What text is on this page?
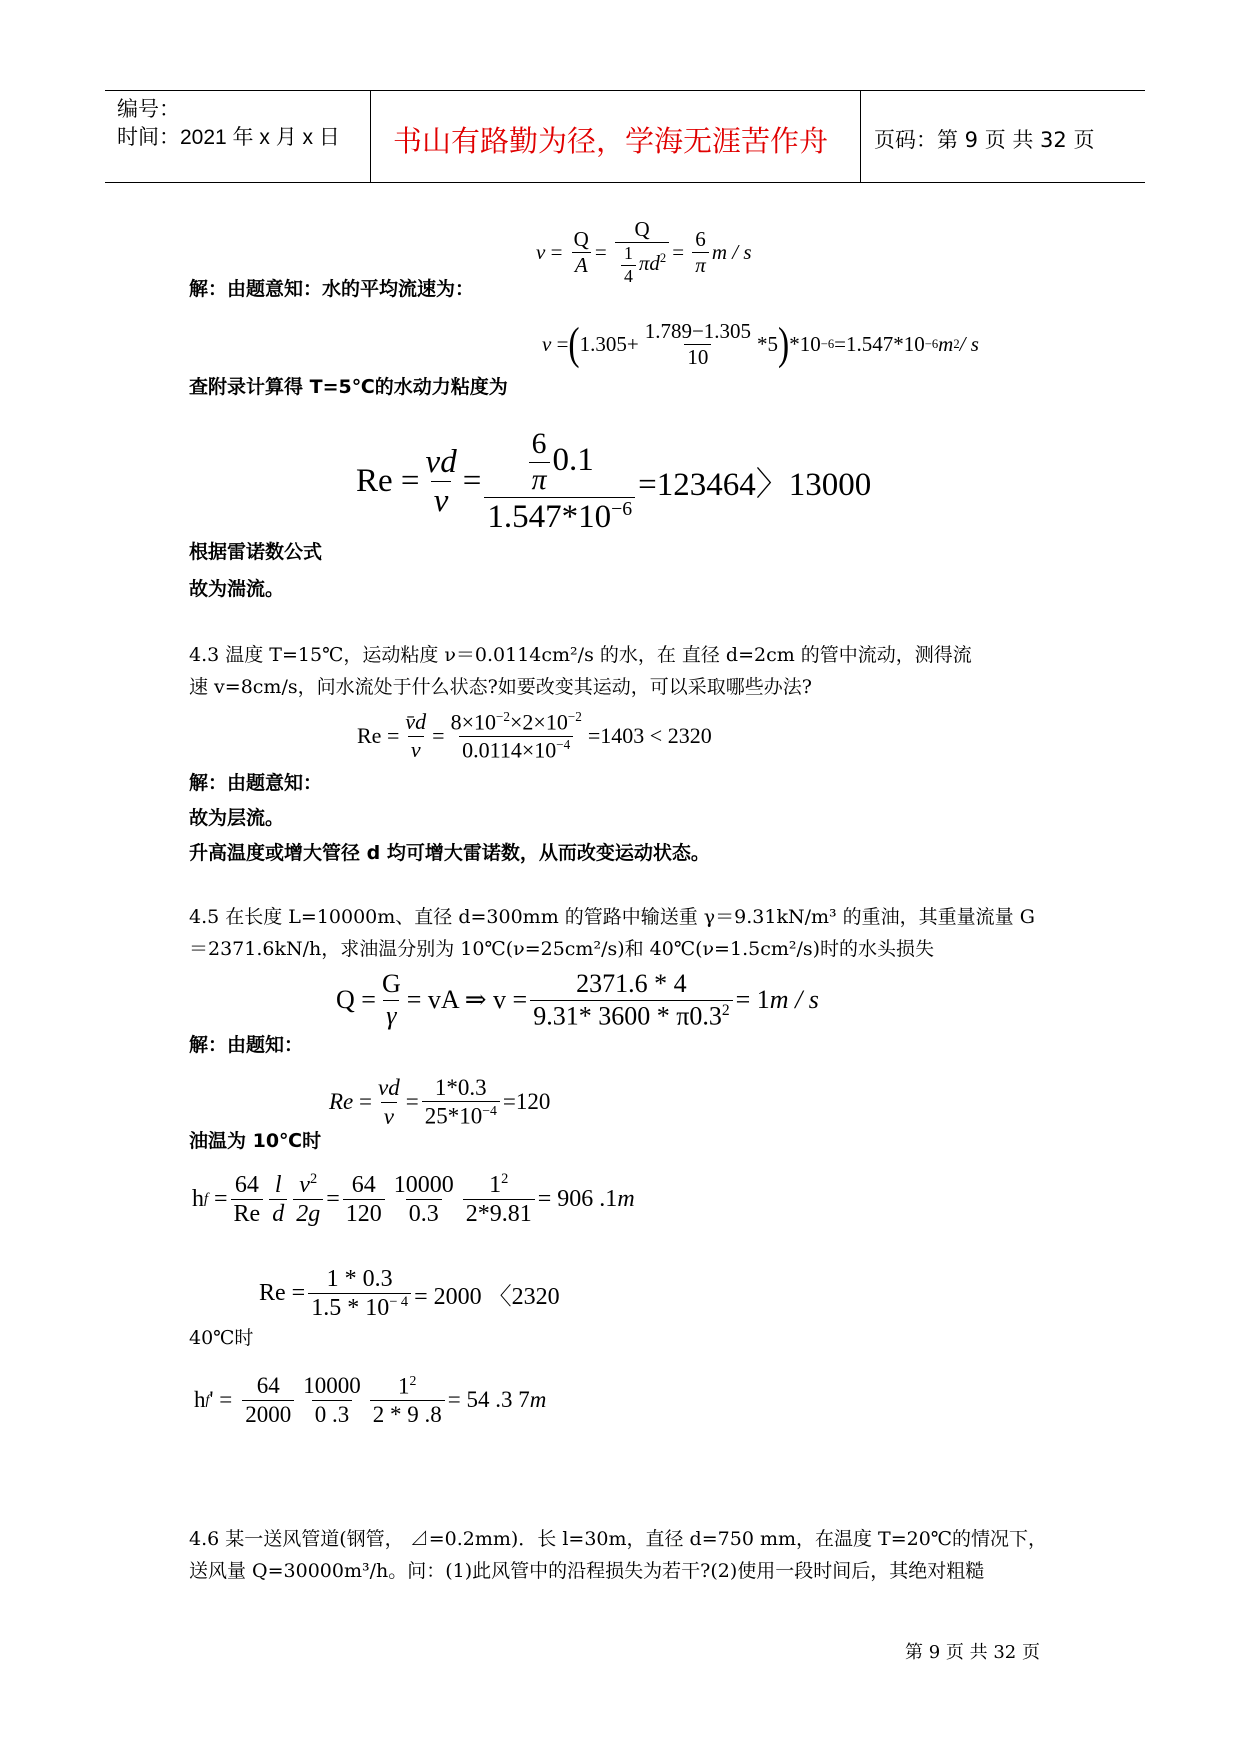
编号：
时间：2021 年 x 月 x 日 书山有路勤为径，学海无涯苦作舟 页码：第 9 页 共 32 页
$v = \frac{Q}{A} = \frac{Q}{\frac{1}{4} \pi d^2} = \frac{6}{\pi}$ m / s
解：由题意知：水的平均流速为：
v = ( $1.305+ \frac{1.789-1.305}{10} *5$ ) *10 −6 =1.547*10 −6 m 2 / s
查附录计算得 T=5℃的水动力粘度为
$Re = \frac{vd}{v} = \frac{\frac{6}{\pi} 0.1}{1.547*10^{-6}} =123464$〉13000
根据雷诺数公式
故为湍流。
4.3 温度 T=15℃，运动粘度 ν＝0.0114cm²/s 的水，在 直径 d=2cm 的管中流动，测得流
速 v=8cm/s，问水流处于什么状态?如要改变其运动，可以采取哪些办法?
$Re = \frac{v̄d}{v} = \frac{8\times 10^{-2}\times 2\times 10^{-2}}{0.0114\times 10^{-4}} =1403 < 2320$
解：由题意知：
故为层流。
升高温度或增大管径 d 均可增大雷诺数，从而改变运动状态。
4.5 在长度 L=10000m、直径 d=300mm 的管路中输送重 γ＝9.31kN/m³ 的重油，其重量流量 G
＝2371.6kN/h，求油温分别为 10℃(ν=25cm²/s)和 40℃(ν=1.5cm²/s)时的水头损失
$Q = \frac{G}{\gamma}$ = vA ⇒ $v = \frac{2371.6 * 4}{9.31* 3600 * \pi 0.3^2} = 1$ m / s
解：由题知：
$Re = \frac{vd}{v} = \frac{1*0.3}{25*10^{-4}} =120$
油温为 10℃时
h $f = \frac{64}{Re} \frac{l}{d} \frac{v^2}{2g} = \frac{64}{120} \frac{10000}{0.3} \frac{1^2}{2*9.81} = 906$ .1 m
$Re = \frac{1 * 0.3}{1.5 * 10^{- 4}} = 2000$ 〈2320
40℃时
h f ' = $\frac{64}{2000} \frac{10000}{0 .3} \frac{1^2}{2 * 9 .8} = 54$ .3 7 m
4.6 某一送风管道(钢管， ⊿=0.2mm)．长 l=30m，直径 d=750 mm，在温度 T=20℃的情况下，
送风量 Q=30000m³/h。问：(1)此风管中的沿程损失为若干?(2)使用一段时间后，其绝对粗糙
第 9 页 共 32 页
